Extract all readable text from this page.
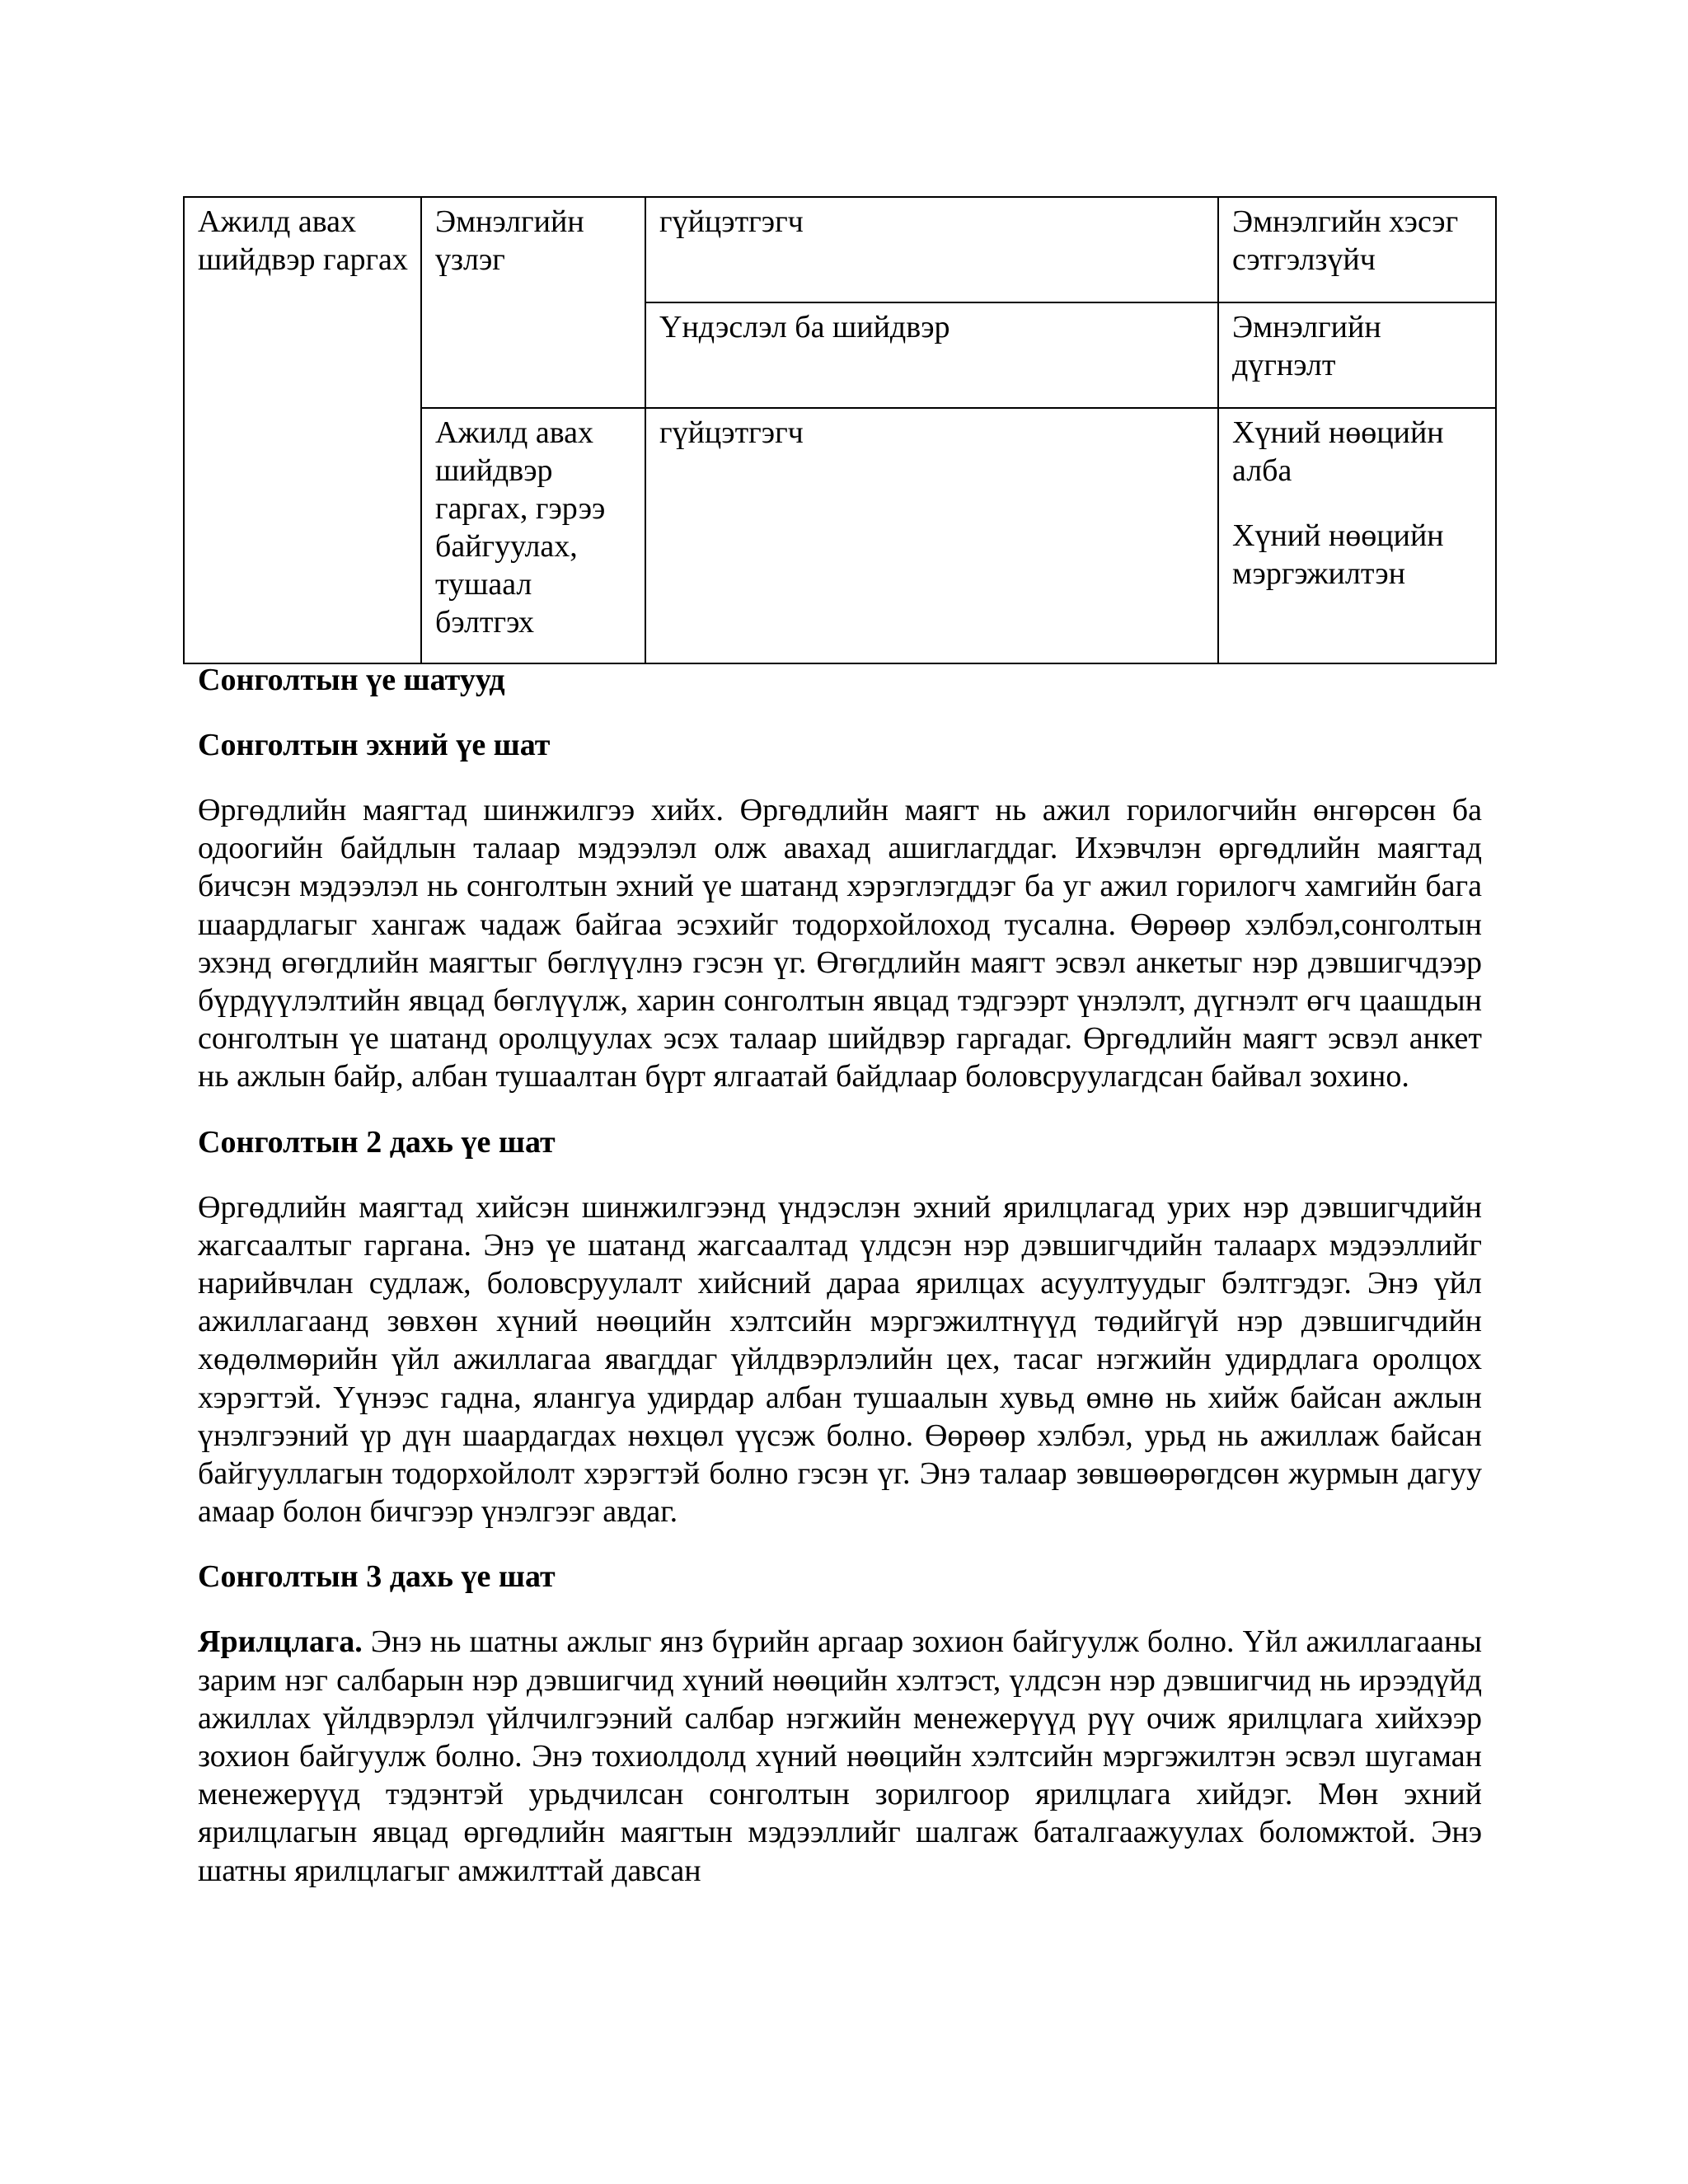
Ажилд авах шийдвэр гаргах	Эмнэлгийн үзлэг	гүйцэтгэгч	Эмнэлгийн хэсэг сэтгэлзүйч
		Үндэслэл ба шийдвэр	Эмнэлгийн дүгнэлт
	Ажилд авах шийдвэр гаргах, гэрээ байгуулах, тушаал бэлтгэх	гүйцэтгэгч	Хүний нөөцийн алба

Хүний нөөцийн мэргэжилтэн

Сонголтын үе шатууд
Сонголтын эхний үе шат

Өргөдлийн маягтад шинжилгээ хийх. Өргөдлийн маягт нь ажил горилогчийн өнгөрсөн ба одоогийн байдлын талаар мэдээлэл олж авахад ашиглагддаг. Ихэвчлэн өргөдлийн маягтад бичсэн мэдээлэл нь сонголтын эхний үе шатанд хэрэглэгддэг ба уг ажил горилогч хамгийн бага шаардлагыг хангаж чадаж байгаа эсэхийг тодорхойлоход тусална. Өөрөөр хэлбэл,сонголтын эхэнд өгөгдлийн маягтыг бөглүүлнэ гэсэн үг. Өгөгдлийн маягт эсвэл анкетыг нэр дэвшигчдээр бүрдүүлэлтийн явцад бөглүүлж, харин сонголтын явцад тэдгээрт үнэлэлт, дүгнэлт өгч цаашдын сонголтын үе шатанд оролцуулах эсэх талаар шийдвэр гаргадаг. Өргөдлийн маягт эсвэл анкет нь ажлын байр, албан тушаалтан бүрт ялгаатай байдлаар боловсруулагдсан байвал зохино.

Сонголтын 2 дахь үе шат

Өргөдлийн маягтад хийсэн шинжилгээнд үндэслэн эхний ярилцлагад урих нэр дэвшигчдийн жагсаалтыг гаргана. Энэ үе шатанд жагсаалтад үлдсэн нэр дэвшигчдийн талаарх мэдээллийг нарийвчлан судлаж, боловсруулалт хийсний дараа ярилцах асуултуудыг бэлтгэдэг. Энэ үйл ажиллагаанд зөвхөн хүний нөөцийн хэлтсийн мэргэжилтнүүд төдийгүй нэр дэвшигчдийн хөдөлмөрийн үйл ажиллагаа явагддаг үйлдвэрлэлийн цех, тасаг нэгжийн удирдлага оролцох хэрэгтэй. Үүнээс гадна, ялангуа удирдар албан тушаалын хувьд өмнө нь хийж байсан ажлын үнэлгээний үр дүн шаардагдах нөхцөл үүсэж болно. Өөрөөр хэлбэл, урьд нь ажиллаж байсан байгууллагын тодорхойлолт хэрэгтэй болно гэсэн үг. Энэ талаар зөвшөөрөгдсөн журмын дагуу амаар болон бичгээр үнэлгээг авдаг.

Сонголтын 3 дахь үе шат

Ярилцлага. Энэ нь шатны ажлыг янз бүрийн аргаар зохион байгуулж болно. Үйл ажиллагааны зарим нэг салбарын нэр дэвшигчид хүний нөөцийн хэлтэст, үлдсэн нэр дэвшигчид нь ирээдүйд ажиллах үйлдвэрлэл үйлчилгээний салбар нэгжийн менежерүүд рүү очиж ярилцлага хийхээр зохион байгуулж болно. Энэ тохиолдолд хүний нөөцийн хэлтсийн мэргэжилтэн эсвэл шугаман менежерүүд тэдэнтэй урьдчилсан сонголтын зорилгоор ярилцлага хийдэг. Мөн эхний ярилцлагын явцад өргөдлийн маягтын мэдээллийг шалгаж баталгаажуулах боломжтой. Энэ шатны ярилцлагыг амжилттай давсан
